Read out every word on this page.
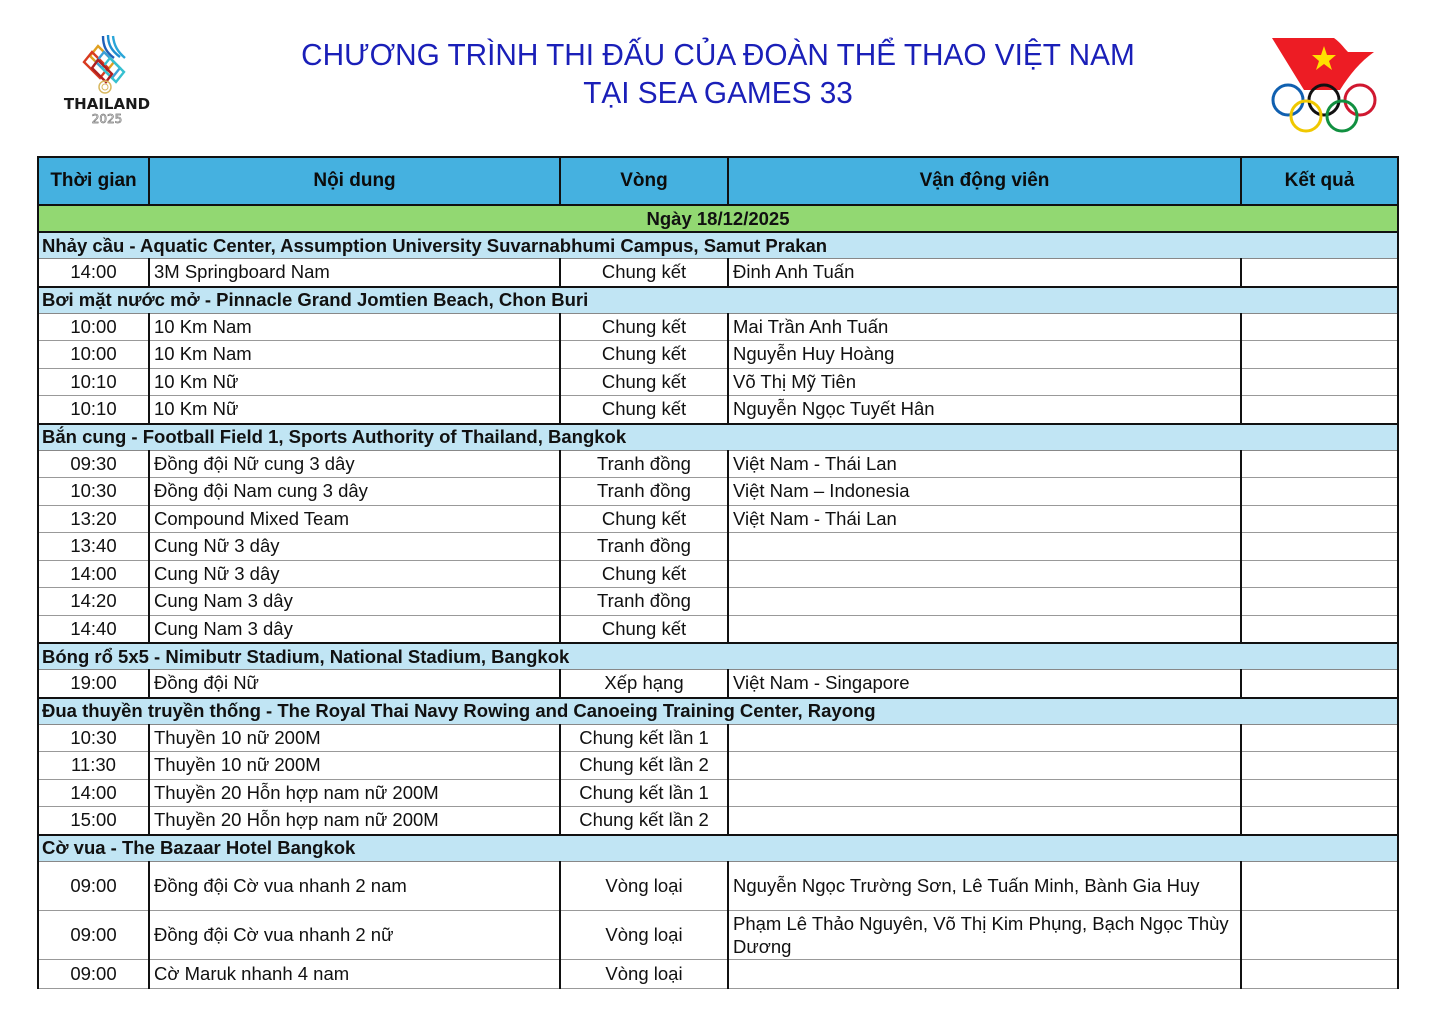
THAILAND
2025
CHƯƠNG TRÌNH THI ĐẤU CỦA ĐOÀN THỂ THAO VIỆT NAM
TẠI SEA GAMES 33
Thời gian	Nội dung	Vòng	Vận động viên	Kết quả
Ngày 18/12/2025				
Nhảy cầu - Aquatic Center, Assumption University Suvarnabhumi Campus, Samut Prakan				
14:00	3M Springboard Nam	Chung kết	Đinh Anh Tuấn	
Bơi mặt nước mở - Pinnacle Grand Jomtien Beach, Chon Buri				
10:00	10 Km Nam	Chung kết	Mai Trần Anh Tuấn	
10:00	10 Km Nam	Chung kết	Nguyễn Huy Hoàng	
10:10	10 Km Nữ	Chung kết	Võ Thị Mỹ Tiên	
10:10	10 Km Nữ	Chung kết	Nguyễn Ngọc Tuyết Hân	
Bắn cung - Football Field 1, Sports Authority of Thailand, Bangkok				
09:30	Đồng đội Nữ cung 3 dây	Tranh đồng	Việt Nam - Thái Lan	
10:30	Đồng đội Nam cung 3 dây	Tranh đồng	Việt Nam – Indonesia	
13:20	Compound Mixed Team	Chung kết	Việt Nam - Thái Lan	
13:40	Cung Nữ 3 dây	Tranh đồng		
14:00	Cung Nữ 3 dây	Chung kết		
14:20	Cung Nam 3 dây	Tranh đồng		
14:40	Cung Nam 3 dây	Chung kết		
Bóng rổ 5x5 - Nimibutr Stadium, National Stadium, Bangkok				
19:00	Đồng đội Nữ	Xếp hạng	Việt Nam - Singapore	
Đua thuyền truyền thống - The Royal Thai Navy Rowing and Canoeing Training Center, Rayong				
10:30	Thuyền 10 nữ 200M	Chung kết lần 1		
11:30	Thuyền 10 nữ 200M	Chung kết lần 2		
14:00	Thuyền 20 Hỗn hợp nam nữ 200M	Chung kết lần 1		
15:00	Thuyền 20 Hỗn hợp nam nữ 200M	Chung kết lần 2		
Cờ vua - The Bazaar Hotel Bangkok				
09:00	Đồng đội Cờ vua nhanh 2 nam	Vòng loại	Nguyễn Ngọc Trường Sơn, Lê Tuấn Minh, Bành Gia Huy	
09:00	Đồng đội Cờ vua nhanh 2 nữ	Vòng loại	Phạm Lê Thảo Nguyên, Võ Thị Kim Phụng, Bạch Ngọc Thùy Dương	
09:00	Cờ Maruk nhanh 4 nam	Vòng loại		
